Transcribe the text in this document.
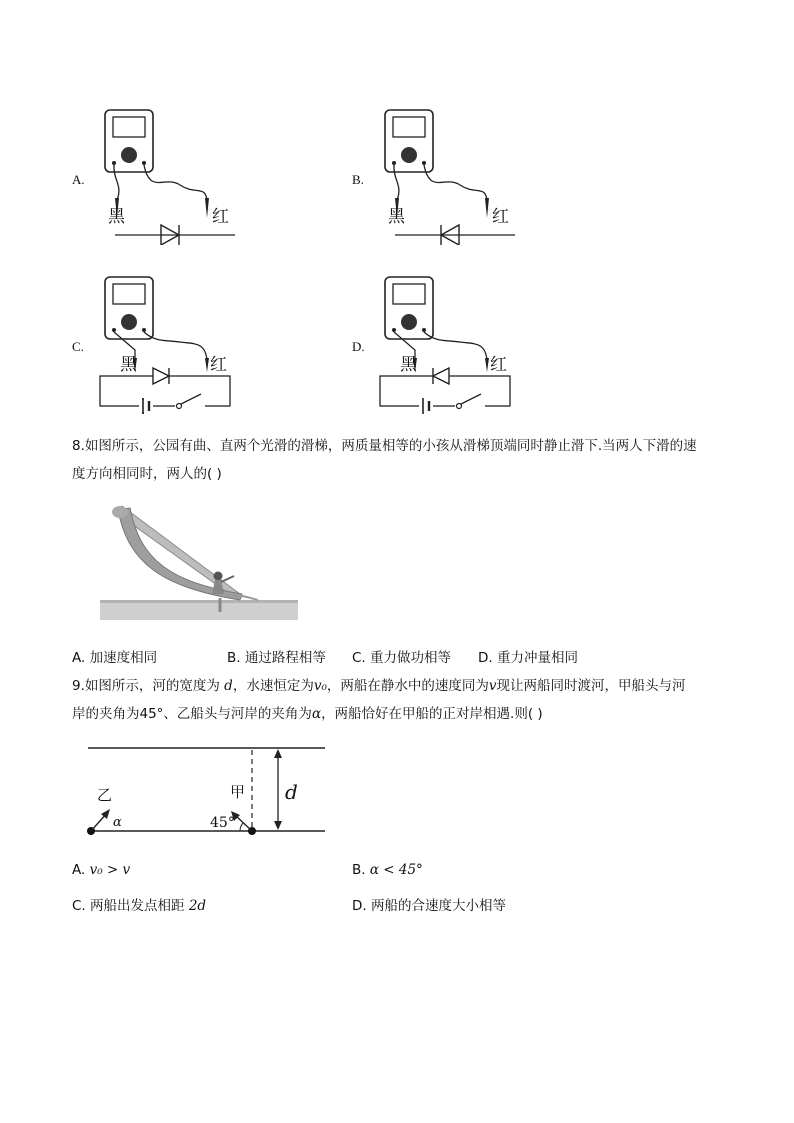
A.
黑	红
B.
黑	红
C.
黑	红
D.
黑	红
8.如图所示，公园有曲、直两个光滑的滑梯，两质量相等的小孩从滑梯顶端同时静止滑下.当两人下滑的速
度方向相同时，两人的( )
A. 加速度相同	B. 通过路程相等 C. 重力做功相等 D. 重力冲量相同
9.如图所示，河的宽度为 d，水速恒定为v₀，两船在静水中的速度同为v现让两船同时渡河，甲船头与河
岸的夹角为45°、乙船头与河岸的夹角为α，两船恰好在甲船的正对岸相遇.则( )
乙
α
甲
45°
d
A. v₀ > v	B. α < 45°
C. 两船出发点相距 2d	D. 两船的合速度大小相等
